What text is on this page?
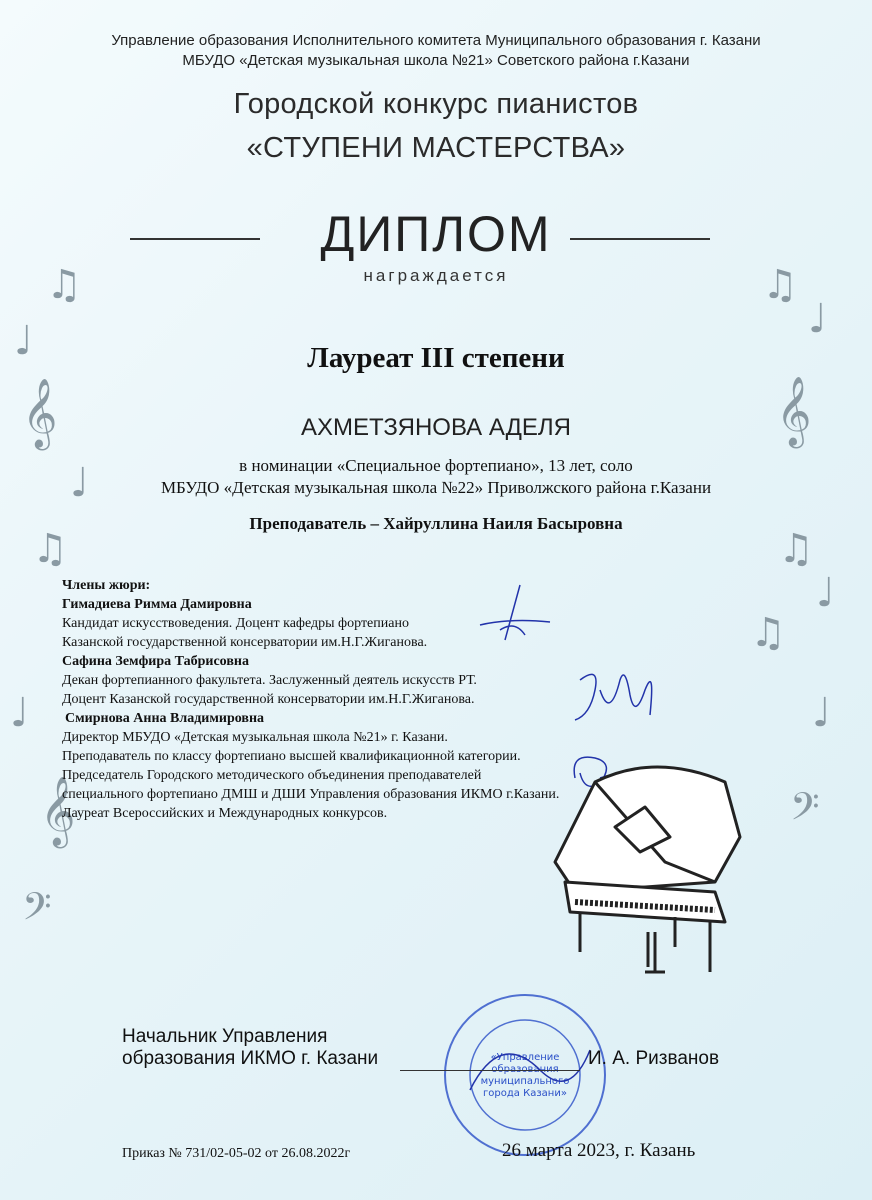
♫
♩
𝄞
♩
♫
♩
𝄞
𝄢
♫
♩
𝄞
♫
♩
♫
♩
𝄢
Управление образования Исполнительного комитета Муниципального образования г. Казани
МБУДО «Детская музыкальная школа №21» Советского района г.Казани
Городской конкурс пианистов
«СТУПЕНИ МАСТЕРСТВА»
ДИПЛОМ
награждается
Лауреат III степени
АХМЕТЗЯНОВА АДЕЛЯ
в номинации «Специальное фортепиано», 13 лет, соло
МБУДО «Детская музыкальная школа №22» Приволжского района г.Казани
Преподаватель – Хайруллина Наиля Басыровна
Члены жюри:
Гимадиева Римма Дамировна
Кандидат искусствоведения. Доцент кафедры фортепиано
Казанской государственной консерватории им.Н.Г.Жиганова.
Сафина Земфира Табрисовна
Декан фортепианного факультета. Заслуженный деятель искусств РТ.
Доцент Казанской государственной консерватории им.Н.Г.Жиганова.
Смирнова Анна Владимировна
Директор МБУДО «Детская музыкальная школа №21» г. Казани.
Преподаватель по классу фортепиано высшей квалификационной категории.
Председатель Городского методического объединения преподавателей
специального фортепиано ДМШ и ДШИ Управления образования ИКМО г.Казани.
Лауреат Всероссийских и Международных конкурсов.
«Управление
муниципального
города Казани»
Начальник Управления
образования ИКМО г. Казани	И. А. Ризванов
Приказ № 731/02-05-02 от 26.08.2022г	26 марта 2023, г. Казань
